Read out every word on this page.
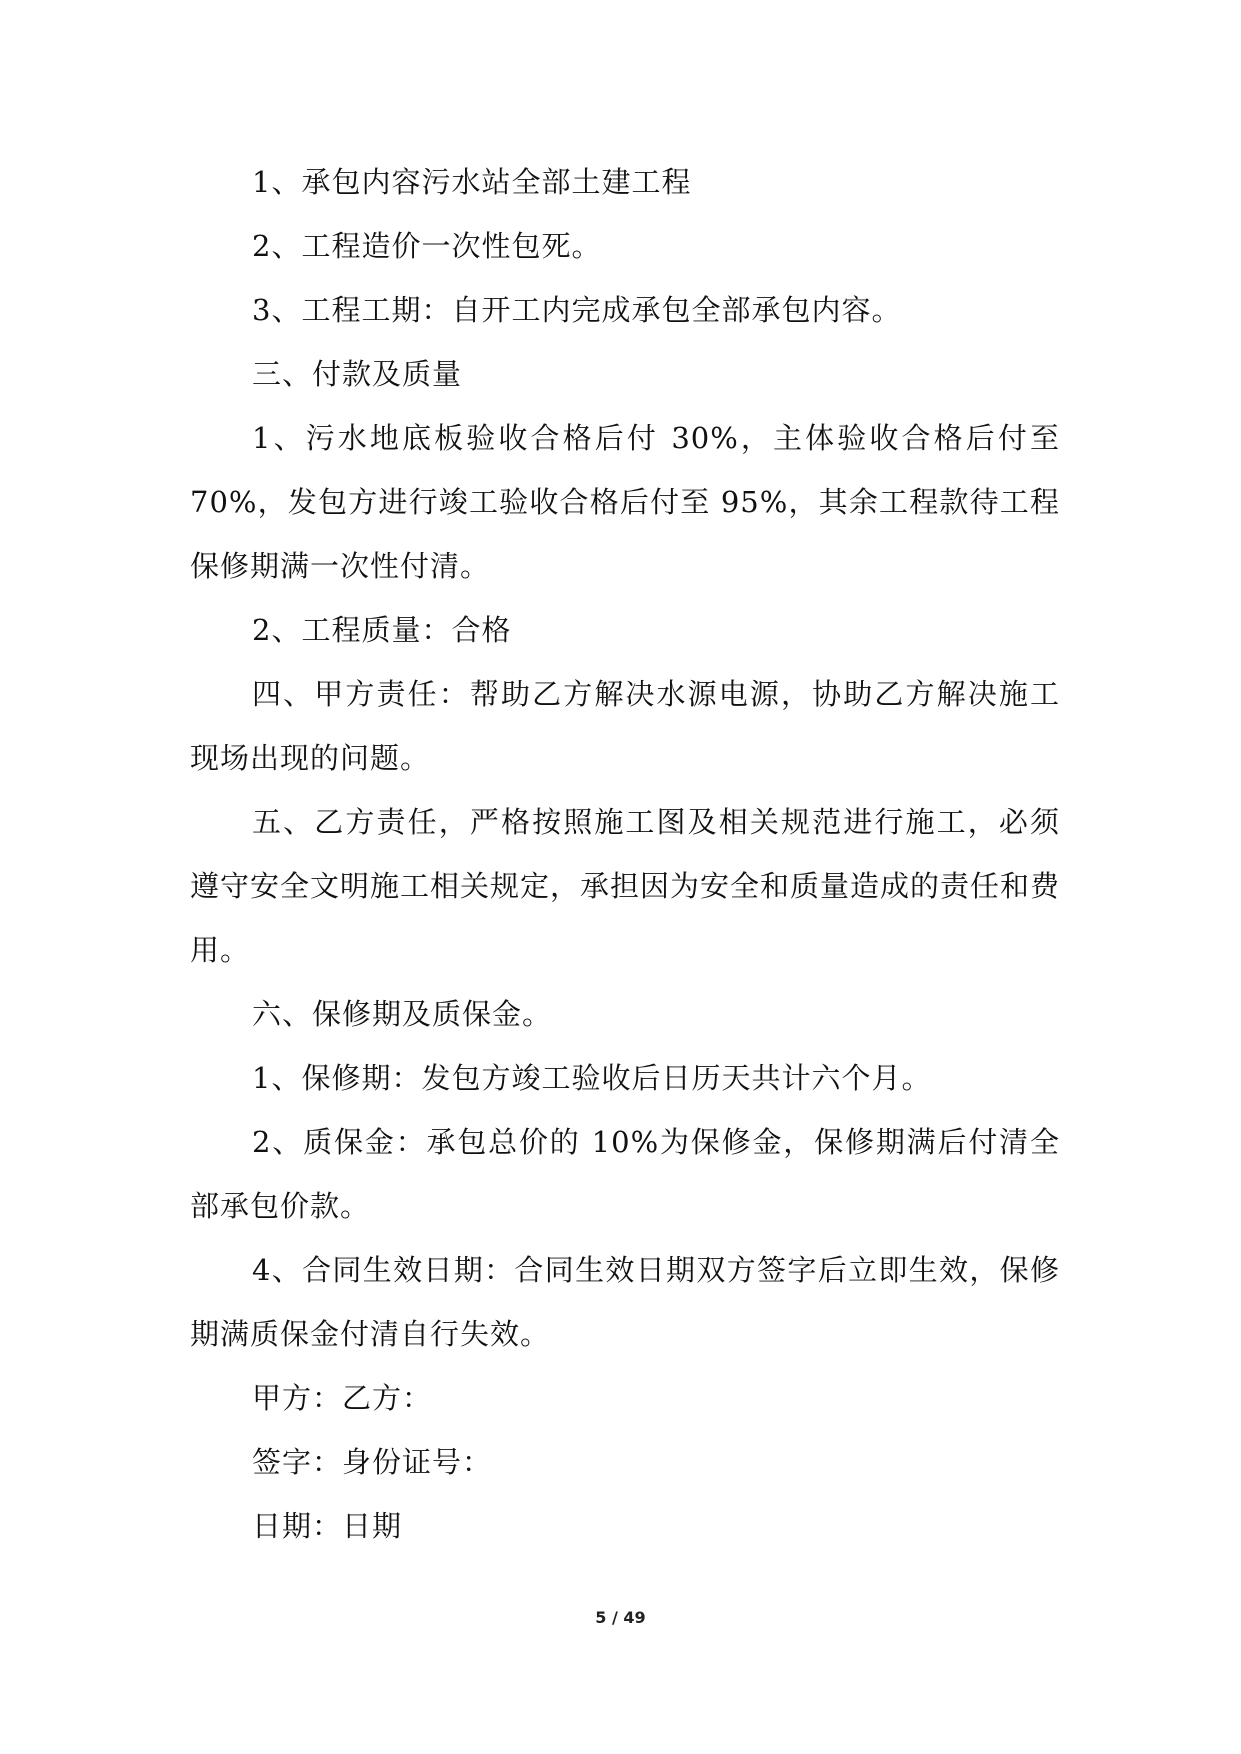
1、承包内容污水站全部土建工程

2、工程造价一次性包死。

3、工程工期：自开工内完成承包全部承包内容。

三、付款及质量

1、污水地底板验收合格后付 30%，主体验收合格后付至 70%，发包方进行竣工验收合格后付至 95%，其余工程款待工程保修期满一次性付清。

2、工程质量：合格

四、甲方责任：帮助乙方解决水源电源，协助乙方解决施工现场出现的问题。

五、乙方责任，严格按照施工图及相关规范进行施工，必须遵守安全文明施工相关规定，承担因为安全和质量造成的责任和费用。

六、保修期及质保金。

1、保修期：发包方竣工验收后日历天共计六个月。

2、质保金：承包总价的 10%为保修金，保修期满后付清全部承包价款。

4、合同生效日期：合同生效日期双方签字后立即生效，保修期满质保金付清自行失效。

甲方：乙方：

签字：身份证号：

日期：日期

5 / 49
